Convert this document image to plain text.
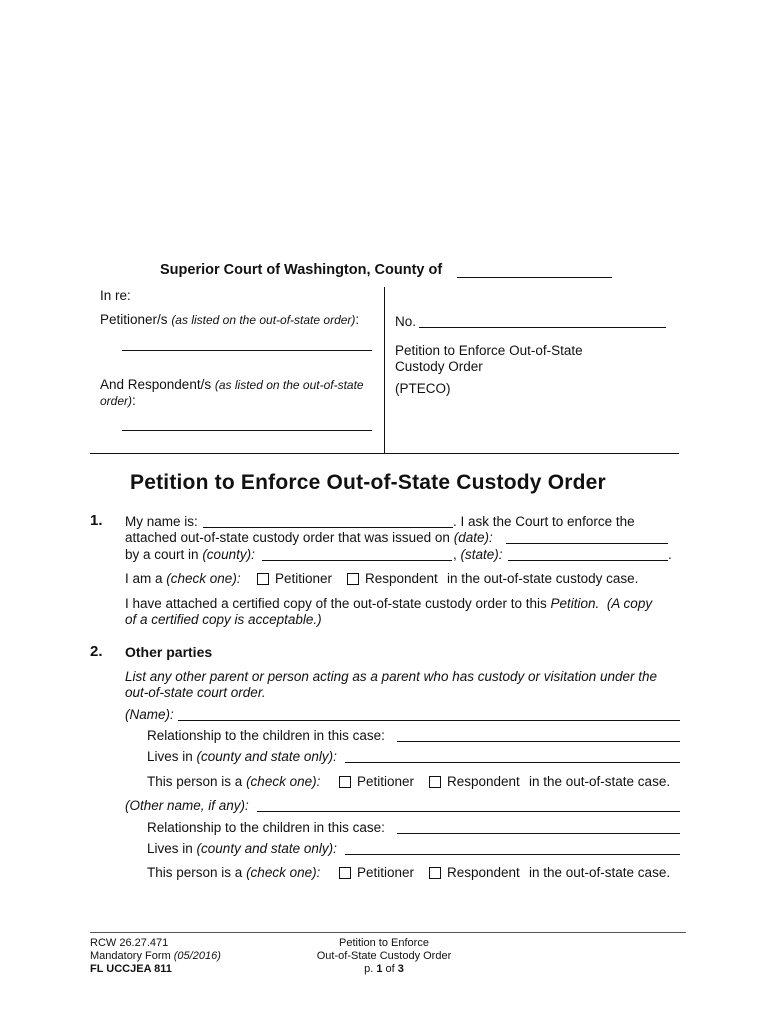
Superior Court of Washington, County of
In re:
Petitioner/s (as listed on the out-of-state order):
And Respondent/s (as listed on the out-of-state
order):
No.
Petition to Enforce Out-of-State
Custody Order
(PTECO)
Petition to Enforce Out-of-State Custody Order
1. My name is:	. I ask the Court to enforce the
attached out-of-state custody order that was issued on (date):
by a court in (county):	, (state):	.
I am a (check one):	Petitioner	Respondent in the out-of-state custody case.
I have attached a certified copy of the out-of-state custody order to this Petition. (A copy
of a certified copy is acceptable.)
2. Other parties
List any other parent or person acting as a parent who has custody or visitation under the
out-of-state court order.
(Name):
Relationship to the children in this case:
Lives in (county and state only):
This person is a (check one):	Petitioner	Respondent in the out-of-state case.
(Other name, if any):
Relationship to the children in this case:
Lives in (county and state only):
This person is a (check one):	Petitioner	Respondent in the out-of-state case.
RCW 26.27.471
Mandatory Form (05/2016)
FL UCCJEA 811
Petition to Enforce
Out-of-State Custody Order
p. 1 of 3
